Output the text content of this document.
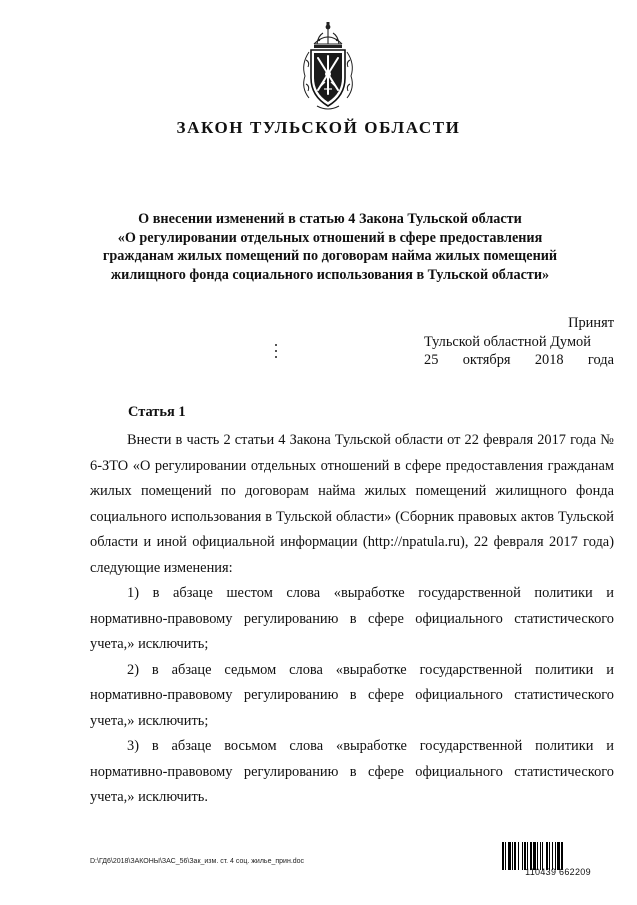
ЗАКОН ТУЛЬСКОЙ ОБЛАСТИ
О внесении изменений в статью 4 Закона Тульской области
«О регулировании отдельных отношений в сфере предоставления
гражданам жилых помещений по договорам найма жилых помещений
жилищного фонда социального использования в Тульской области»
Принят
Тульской областной Думой
25 октября 2018 года
Статья 1

Внести в часть 2 статьи 4 Закона Тульской области от 22 февраля 2017 года № 6-ЗТО «О регулировании отдельных отношений в сфере предоставления гражданам жилых помещений по договорам найма жилых помещений жилищного фонда социального использования в Тульской области» (Сборник правовых актов Тульской области и иной официальной информации (http://npatula.ru), 22 февраля 2017 года) следующие изменения:

1) в абзаце шестом слова «выработке государственной политики и нормативно-правовому регулированию в сфере официального статистического учета,» исключить;

2) в абзаце седьмом слова «выработке государственной политики и нормативно-правовому регулированию в сфере официального статистического учета,» исключить;

3) в абзаце восьмом слова «выработке государственной политики и нормативно-правовому регулированию в сфере официального статистического учета,» исключить.

D:\ГД6\2018\ЗАКОНЫ\ЗАС_56\Зак_изм. ст. 4 соц. жилье_прин.doc
110439 662209
